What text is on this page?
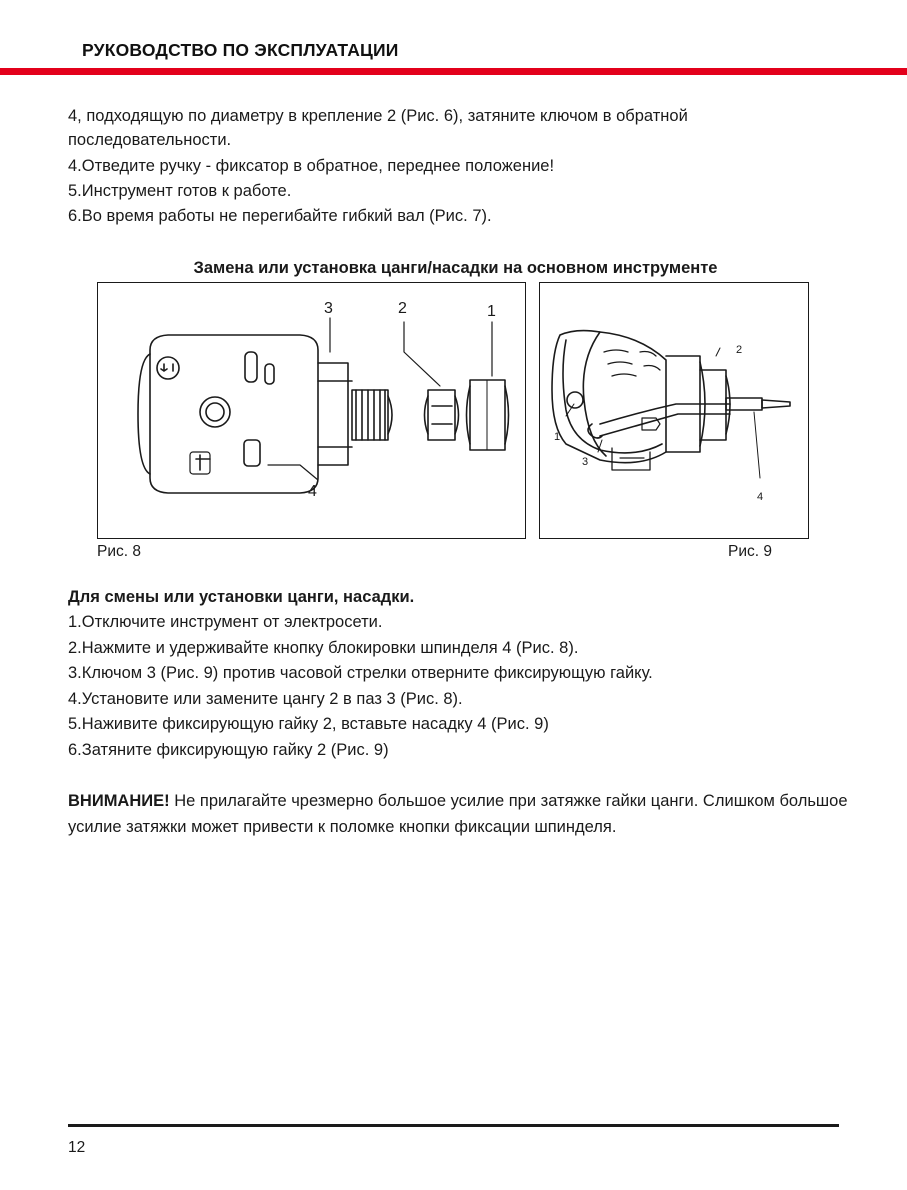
РУКОВОДСТВО ПО ЭКСПЛУАТАЦИИ

4, подходящую по диаметру в крепление 2 (Рис. 6), затяните ключом в обратной последовательности.

4.Отведите ручку - фиксатор в обратное, переднее положение!
5.Инструмент готов к работе.
6.Во время работы не перегибайте гибкий вал (Рис. 7).
Замена или установка цанги/насадки на основном инструменте
Рис. 8	Рис. 9
3	2	1
4
2
1
3
4
Для смены или установки цанги, насадки.
1.Отключите инструмент от электросети.
2.Нажмите и удерживайте кнопку блокировки шпинделя 4 (Рис. 8).
3.Ключом 3 (Рис. 9) против часовой стрелки отверните фиксирующую гайку.
4.Установите или замените цангу 2 в паз 3 (Рис. 8).
5.Наживите фиксирующую гайку 2, вставьте насадку 4 (Рис. 9)
6.Затяните фиксирующую гайку 2 (Рис. 9)
ВНИМАНИЕ! Не прилагайте чрезмерно большое усилие при затяжке гайки цанги. Слишком большое усилие затяжки может привести к поломке кнопки фиксации шпинделя.
12
